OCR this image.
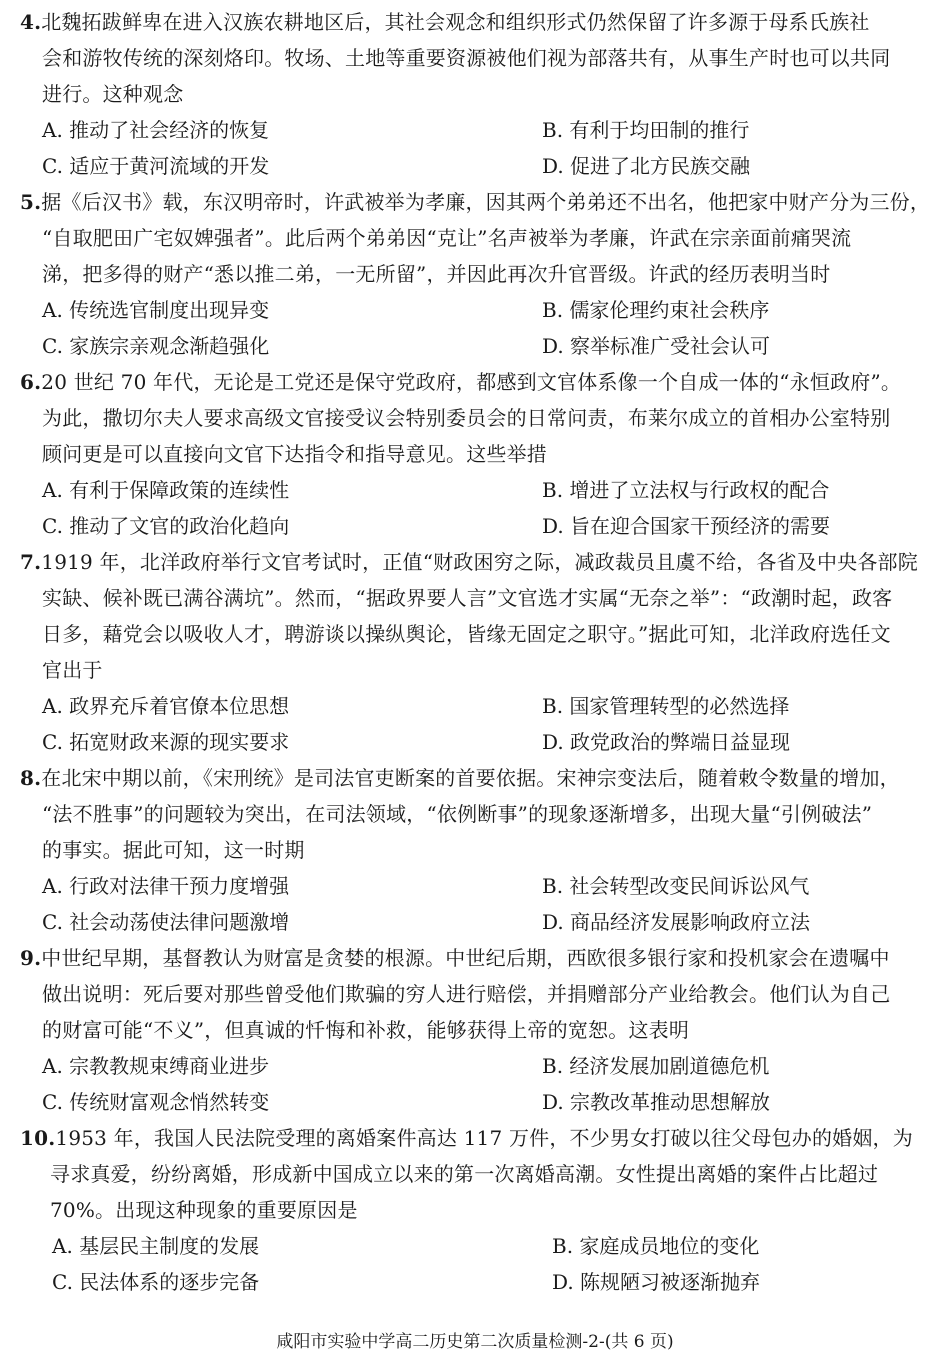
4.北魏拓跋鲜卑在进入汉族农耕地区后，其社会观念和组织形式仍然保留了许多源于母系氏族社
会和游牧传统的深刻烙印。牧场、土地等重要资源被他们视为部落共有，从事生产时也可以共同
进行。这种观念
A. 推动了社会经济的恢复	B. 有利于均田制的推行
C. 适应于黄河流域的开发	D. 促进了北方民族交融
5.据《后汉书》载，东汉明帝时，许武被举为孝廉，因其两个弟弟还不出名，他把家中财产分为三份，
“自取肥田广宅奴婢强者”。此后两个弟弟因“克让”名声被举为孝廉，许武在宗亲面前痛哭流
涕，把多得的财产“悉以推二弟，一无所留”，并因此再次升官晋级。许武的经历表明当时
A. 传统选官制度出现异变	B. 儒家伦理约束社会秩序
C. 家族宗亲观念渐趋强化	D. 察举标准广受社会认可
6.20 世纪 70 年代，无论是工党还是保守党政府，都感到文官体系像一个自成一体的“永恒政府”。
为此，撒切尔夫人要求高级文官接受议会特别委员会的日常问责，布莱尔成立的首相办公室特别
顾问更是可以直接向文官下达指令和指导意见。这些举措
A. 有利于保障政策的连续性	B. 增进了立法权与行政权的配合
C. 推动了文官的政治化趋向	D. 旨在迎合国家干预经济的需要
7.1919 年，北洋政府举行文官考试时，正值“财政困穷之际，减政裁员且虞不给，各省及中央各部院
实缺、候补既已满谷满坑”。然而，“据政界要人言”文官选才实属“无奈之举”：“政潮时起，政客
日多，藉党会以吸收人才，聘游谈以操纵舆论，皆缘无固定之职守。”据此可知，北洋政府选任文
官出于
A. 政界充斥着官僚本位思想	B. 国家管理转型的必然选择
C. 拓宽财政来源的现实要求	D. 政党政治的弊端日益显现
8.在北宋中期以前，《宋刑统》是司法官吏断案的首要依据。宋神宗变法后，随着敕令数量的增加，
“法不胜事”的问题较为突出，在司法领域，“依例断事”的现象逐渐增多，出现大量“引例破法”
的事实。据此可知，这一时期
A. 行政对法律干预力度增强	B. 社会转型改变民间诉讼风气
C. 社会动荡使法律问题激增	D. 商品经济发展影响政府立法
9.中世纪早期，基督教认为财富是贪婪的根源。中世纪后期，西欧很多银行家和投机家会在遗嘱中
做出说明：死后要对那些曾受他们欺骗的穷人进行赔偿，并捐赠部分产业给教会。他们认为自己
的财富可能“不义”，但真诚的忏悔和补救，能够获得上帝的宽恕。这表明
A. 宗教教规束缚商业进步	B. 经济发展加剧道德危机
C. 传统财富观念悄然转变	D. 宗教改革推动思想解放
10.1953 年，我国人民法院受理的离婚案件高达 117 万件，不少男女打破以往父母包办的婚姻，为
寻求真爱，纷纷离婚，形成新中国成立以来的第一次离婚高潮。女性提出离婚的案件占比超过
70%。出现这种现象的重要原因是
A. 基层民主制度的发展	B. 家庭成员地位的变化
C. 民法体系的逐步完备	D. 陈规陋习被逐渐抛弃
咸阳市实验中学高二历史第二次质量检测-2-(共 6 页)
